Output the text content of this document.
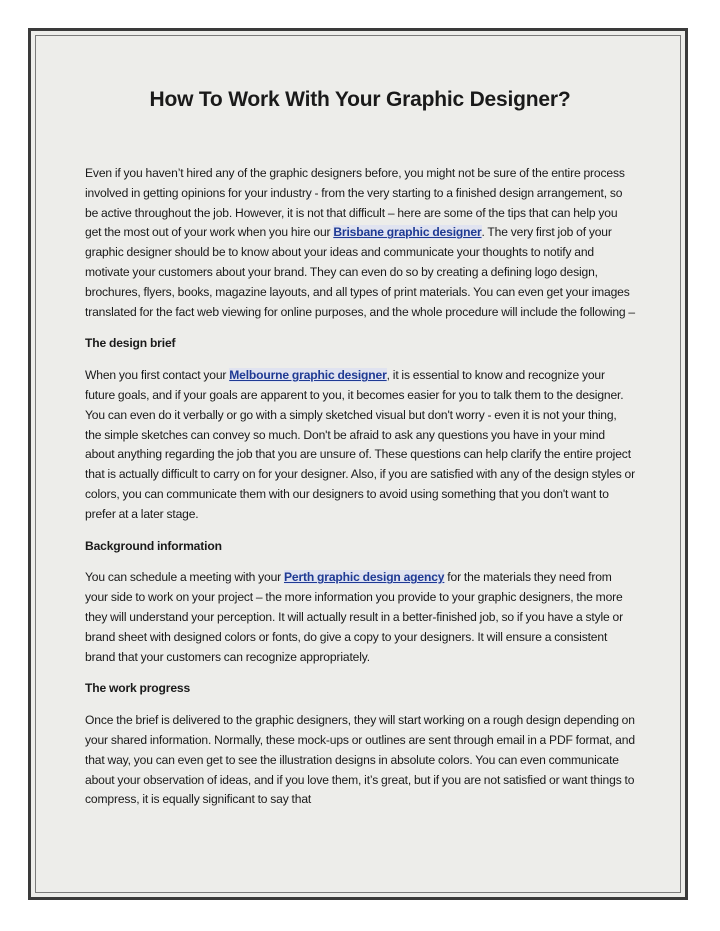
How To Work With Your Graphic Designer?

Even if you haven’t hired any of the graphic designers before, you might not be sure of the entire process involved in getting opinions for your industry - from the very starting to a finished design arrangement, so be active throughout the job. However, it is not that difficult – here are some of the tips that can help you get the most out of your work when you hire our Brisbane graphic designer. The very first job of your graphic designer should be to know about your ideas and communicate your thoughts to notify and motivate your customers about your brand. They can even do so by creating a defining logo design, brochures, flyers, books, magazine layouts, and all types of print materials. You can even get your images translated for the fact web viewing for online purposes, and the whole procedure will include the following –

The design brief

When you first contact your Melbourne graphic designer, it is essential to know and recognize your future goals, and if your goals are apparent to you, it becomes easier for you to talk them to the designer. You can even do it verbally or go with a simply sketched visual but don't worry - even it is not your thing, the simple sketches can convey so much. Don't be afraid to ask any questions you have in your mind about anything regarding the job that you are unsure of. These questions can help clarify the entire project that is actually difficult to carry on for your designer. Also, if you are satisfied with any of the design styles or colors, you can communicate them with our designers to avoid using something that you don't want to prefer at a later stage.

Background information

You can schedule a meeting with your Perth graphic design agency for the materials they need from your side to work on your project – the more information you provide to your graphic designers, the more they will understand your perception. It will actually result in a better-finished job, so if you have a style or brand sheet with designed colors or fonts, do give a copy to your designers. It will ensure a consistent brand that your customers can recognize appropriately.

The work progress

Once the brief is delivered to the graphic designers, they will start working on a rough design depending on your shared information. Normally, these mock-ups or outlines are sent through email in a PDF format, and that way, you can even get to see the illustration designs in absolute colors. You can even communicate about your observation of ideas, and if you love them, it’s great, but if you are not satisfied or want things to compress, it is equally significant to say that
